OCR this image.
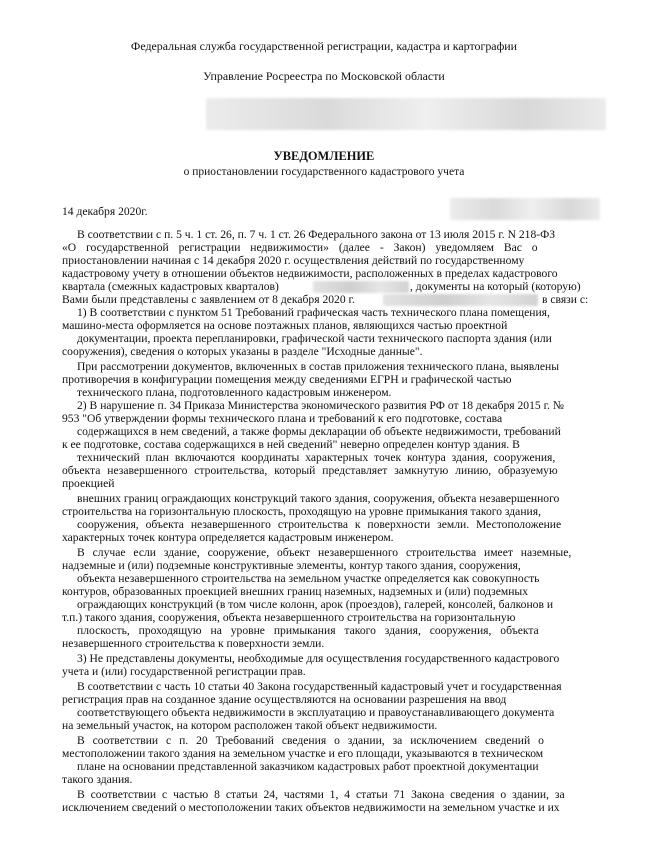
Федеральная служба государственной регистрации, кадастра и картографии
Управление Росреестра по Московской области
УВЕДОМЛЕНИЕ
о приостановлении государственного кадастрового учета
14 декабря 2020г.
В соответствии с п. 5 ч. 1 ст. 26, п. 7 ч. 1 ст. 26 Федерального закона от 13 июля 2015 г. N 218-ФЗ
«О государственной регистрации недвижимости» (далее - Закон) уведомляем Вас о
приостановлении начиная с 14 декабря 2020 г. осуществления действий по государственному
кадастровому учету в отношении объектов недвижимости, расположенных в пределах кадастрового
квартала (смежных кадастровых кварталов)	, документы на который (которую)
Вами были представлены с заявлением от 8 декабря 2020 г.	в связи с:
1) В соответствии с пунктом 51 Требований графическая часть технического плана помещения,
машино-места оформляется на основе поэтажных планов, являющихся частью проектной
документации, проекта перепланировки, графической части технического паспорта здания (или
сооружения), сведения о которых указаны в разделе "Исходные данные".
При рассмотрении документов, включенных в состав приложения технического плана, выявлены
противоречия в конфигурации помещения между сведениями ЕГРН и графической частью
технического плана, подготовленного кадастровым инженером.
2) В нарушение п. 34 Приказа Министерства экономического развития РФ от 18 декабря 2015 г. №
953 "Об утверждении формы технического плана и требований к его подготовке, состава
содержащихся в нем сведений, а также формы декларации об объекте недвижимости, требований
к ее подготовке, состава содержащихся в ней сведений" неверно определен контур здания. В
технический план включаются координаты характерных точек контура здания, сооружения,
объекта незавершенного строительства, который представляет замкнутую линию, образуемую
проекцией
внешних границ ограждающих конструкций такого здания, сооружения, объекта незавершенного
строительства на горизонтальную плоскость, проходящую на уровне примыкания такого здания,
сооружения, объекта незавершенного строительства к поверхности земли. Местоположение
характерных точек контура определяется кадастровым инженером.
В случае если здание, сооружение, объект незавершенного строительства имеет наземные,
надземные и (или) подземные конструктивные элементы, контур такого здания, сооружения,
объекта незавершенного строительства на земельном участке определяется как совокупность
контуров, образованных проекцией внешних границ наземных, надземных и (или) подземных
ограждающих конструкций (в том числе колонн, арок (проездов), галерей, консолей, балконов и
т.п.) такого здания, сооружения, объекта незавершенного строительства на горизонтальную
плоскость, проходящую на уровне примыкания такого здания, сооружения, объекта
незавершенного строительства к поверхности земли.
3) Не представлены документы, необходимые для осуществления государственного кадастрового
учета и (или) государственной регистрации прав.
В соответствии с часть 10 статьи 40 Закона государственный кадастровый учет и государственная
регистрация прав на созданное здание осуществляются на основании разрешения на ввод
соответствующего объекта недвижимости в эксплуатацию и правоустанавливающего документа
на земельный участок, на котором расположен такой объект недвижимости.
В соответствии с п. 20 Требований сведения о здании, за исключением сведений о
местоположении такого здания на земельном участке и его площади, указываются в техническом
плане на основании представленной заказчиком кадастровых работ проектной документации
такого здания.
В соответствии с частью 8 статьи 24, частями 1, 4 статьи 71 Закона сведения о здании, за
исключением сведений о местоположении таких объектов недвижимости на земельном участке и их
